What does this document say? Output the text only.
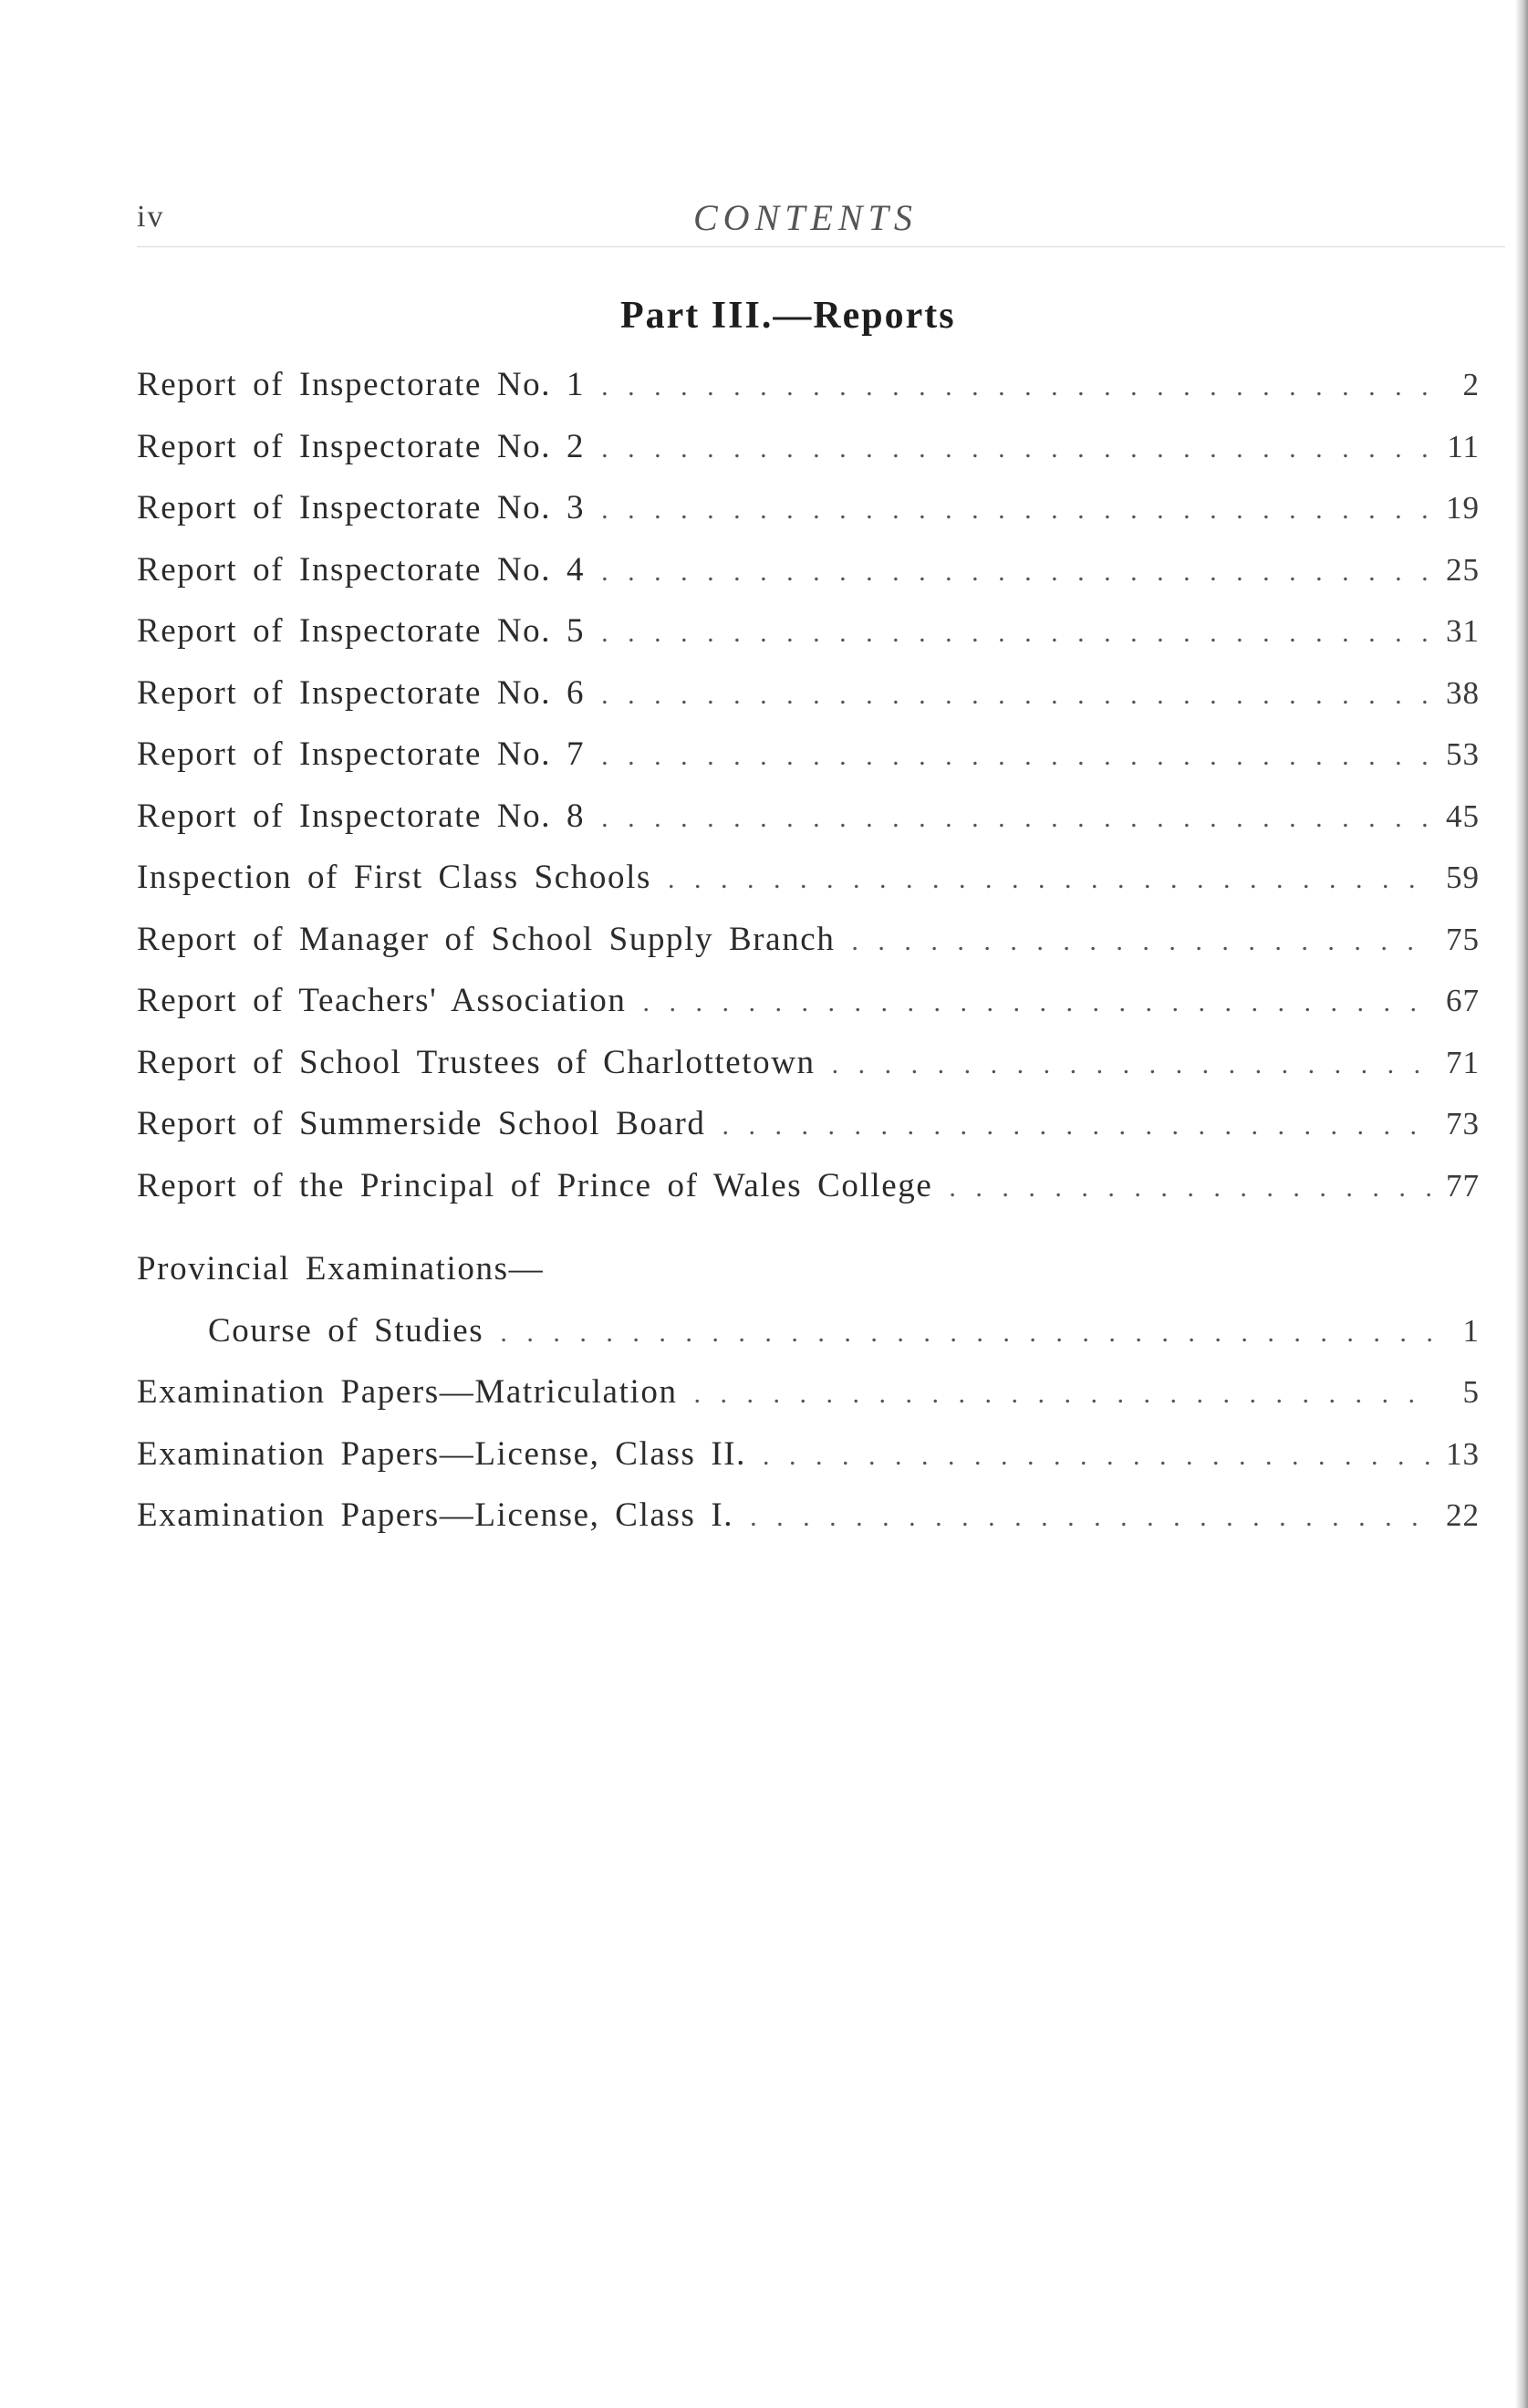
iv	CONTENTS
Part III.—Reports
Report of Inspectorate No. 1 . . .	2
Report of Inspectorate No. 2 . . .	11
Report of Inspectorate No. 3 . . .	19
Report of Inspectorate No. 4 . . .	25
Report of Inspectorate No. 5 . . .	31
Report of Inspectorate No. 6 . . .	38
Report of Inspectorate No. 7 . . .	53
Report of Inspectorate No. 8 . . .	45
Inspection of First Class Schools . . .	59
Report of Manager of School Supply Branch . . .	75
Report of Teachers' Association . . .	67
Report of School Trustees of Charlottetown . . .	71
Report of Summerside School Board . . .	73
Report of the Principal of Prince of Wales College . . .	77
Provincial Examinations—
Course of Studies . . .	1
Examination Papers—Matriculation . . .	5
Examination Papers—License, Class II. . . .	13
Examination Papers—License, Class I. . . .	22
